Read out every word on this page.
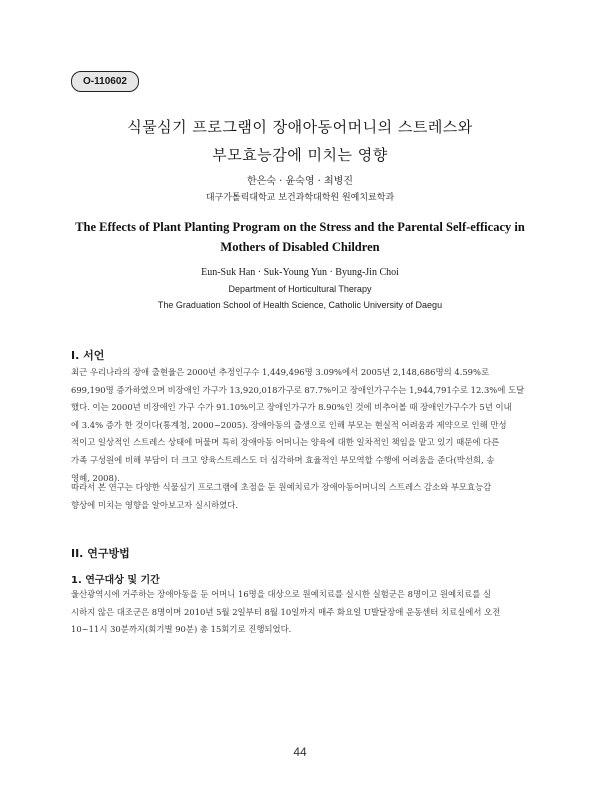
O-110602
식물심기 프로그램이 장애아동어머니의 스트레스와
부모효능감에 미치는 영향
한은숙 · 윤숙영 · 최병진
대구가톨릭대학교 보건과학대학원 원예치료학과
The Effects of Plant Planting Program on the Stress and the Parental Self-efficacy in
Mothers of Disabled Children
Eun-Suk Han · Suk-Young Yun · Byung-Jin Choi
Department of Horticultural Therapy
The Graduation School of Health Science, Catholic University of Daegu
I. 서언
최근 우리나라의 장애 출현율은 2000년 추정인구수 1,449,496명 3.09%에서 2005년 2,148,686명의 4.59%로
699,190명 증가하였으며 비장애인 가구가 13,920,018가구로 87.7%이고 장애인가구수는 1,944,791수로 12.3%에 도달
했다. 이는 2000년 비장애인 가구 수가 91.10%이고 장애인가구가 8.90%인 것에 비추어볼 때 장애인가구수가 5년 이내
에 3.4% 증가 한 것이다(통계청, 2000~2005). 장애아동의 출생으로 인해 부모는 현실적 어려움과 제약으로 인해 만성
적이고 일상적인 스트레스 상태에 머물며 특히 장애아동 어머니는 양육에 대한 일차적인 책임을 맡고 있기 때문에 다른
가족 구성원에 비해 부담이 더 크고 양육스트레스도 더 심각하며 효율적인 부모역할 수행에 어려움을 준다(박선희, 송
영혜, 2008).
따라서 본 연구는 다양한 식물심기 프로그램에 초점을 둔 원예치료가 장애아동어머니의 스트레스 감소와 부모효능감
향상에 미치는 영향을 알아보고자 실시하였다.
II. 연구방법
1. 연구대상 및 기간
울산광역시에 거주하는 장애아동을 둔 어머니 16명을 대상으로 원예치료를 실시한 실험군은 8명이고 원예치료를 실
시하지 않은 대조군은 8명이며 2010년 5월 2일부터 8월 10일까지 매주 화요일 U발달장애 운동센터 치료실에서 오전
10~11시 30분까지(회기별 90분) 총 15회기로 진행되었다.
44
